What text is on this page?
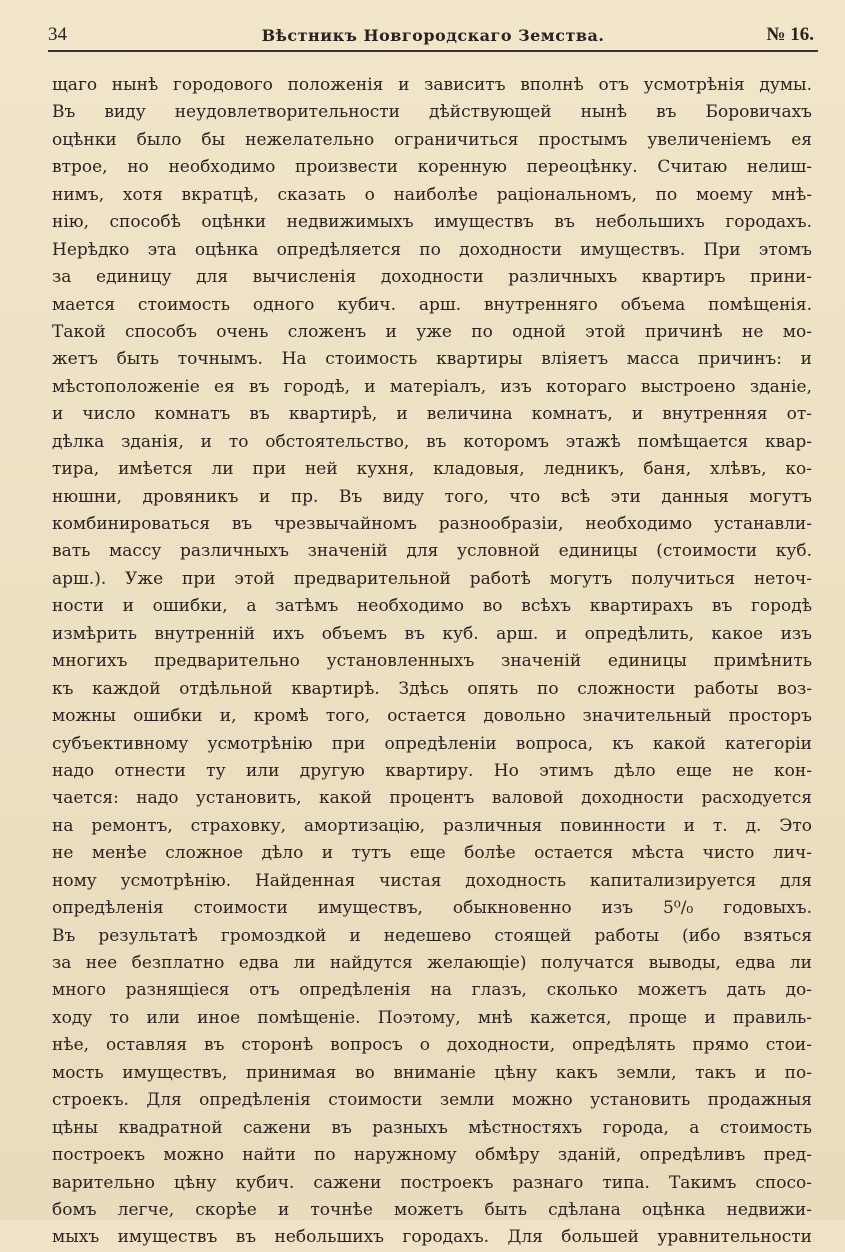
34	Вѣстникъ Новгородскаго Земства.	№ 16.
щаго нынѣ городового положенія и зависитъ вполнѣ отъ усмотрѣнія думы.
Въ виду неудовлетворительности дѣйствующей нынѣ въ Боровичахъ
оцѣнки было бы нежелательно ограничиться простымъ увеличеніемъ ея
втрое, но необходимо произвести коренную переоцѣнку. Считаю нелиш-
нимъ, хотя вкратцѣ, сказать о наиболѣе раціональномъ, по моему мнѣ-
нію, способѣ оцѣнки недвижимыхъ имуществъ въ небольшихъ городахъ.
Нерѣдко эта оцѣнка опредѣляется по доходности имуществъ. При этомъ
за единицу для вычисленія доходности различныхъ квартиръ прини-
мается стоимость одного кубич. арш. внутренняго объема помѣщенія.
Такой способъ очень сложенъ и уже по одной этой причинѣ не мо-
жетъ быть точнымъ. На стоимость квартиры вліяетъ масса причинъ: и
мѣстоположеніе ея въ городѣ, и матеріалъ, изъ котораго выстроено зданіе,
и число комнатъ въ квартирѣ, и величина комнатъ, и внутренняя от-
дѣлка зданія, и то обстоятельство, въ которомъ этажѣ помѣщается квар-
тира, имѣется ли при ней кухня, кладовыя, ледникъ, баня, хлѣвъ, ко-
нюшни, дровяникъ и пр. Въ виду того, что всѣ эти данныя могутъ
комбинироваться въ чрезвычайномъ разнообразіи, необходимо устанавли-
вать массу различныхъ значеній для условной единицы (стоимости куб.
арш.). Уже при этой предварительной работѣ могутъ получиться неточ-
ности и ошибки, а затѣмъ необходимо во всѣхъ квартирахъ въ городѣ
измѣрить внутренній ихъ объемъ въ куб. арш. и опредѣлить, какое изъ
многихъ предварительно установленныхъ значеній единицы примѣнить
къ каждой отдѣльной квартирѣ. Здѣсь опять по сложности работы воз-
можны ошибки и, кромѣ того, остается довольно значительный просторъ
субъективному усмотрѣнію при опредѣленіи вопроса, къ какой категоріи
надо отнести ту или другую квартиру. Но этимъ дѣло еще не кон-
чается: надо установить, какой процентъ валовой доходности расходуется
на ремонтъ, страховку, амортизацію, различныя повинности и т. д. Это
не менѣе сложное дѣло и тутъ еще болѣе остается мѣста чисто лич-
ному усмотрѣнію. Найденная чистая доходность капитализируется для
опредѣленія стоимости имуществъ, обыкновенно изъ 5⁰/₀ годовыхъ.
Въ результатѣ громоздкой и недешево стоящей работы (ибо взяться
за нее безплатно едва ли найдутся желающіе) получатся выводы, едва ли
много разнящіеся отъ опредѣленія на глазъ, сколько можетъ дать до-
ходу то или иное помѣщеніе. Поэтому, мнѣ кажется, проще и правиль-
нѣе, оставляя въ сторонѣ вопросъ о доходности, опредѣлять прямо стои-
мость имуществъ, принимая во вниманіе цѣну какъ земли, такъ и по-
строекъ. Для опредѣленія стоимости земли можно установить продажныя
цѣны квадратной сажени въ разныхъ мѣстностяхъ города, а стоимость
построекъ можно найти по наружному обмѣру зданій, опредѣливъ пред-
варительно цѣну кубич. сажени построекъ разнаго типа. Такимъ спосо-
бомъ легче, скорѣе и точнѣе можетъ быть сдѣлана оцѣнка недвижи-
мыхъ имуществъ въ небольшихъ городахъ. Для большей уравнительности
